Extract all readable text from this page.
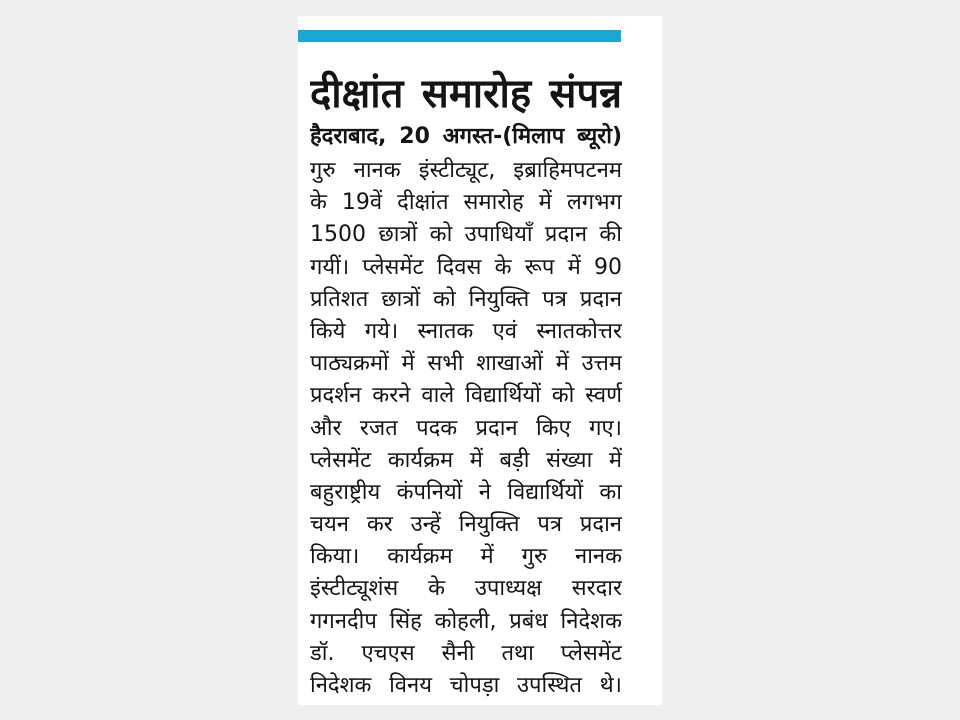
दीक्षांत समारोह संपन्न
हैदराबाद, 20 अगस्त-(मिलाप ब्यूरो)
गुरु नानक इंस्टीट्यूट, इब्राहिमपटनम
के 19वें दीक्षांत समारोह में लगभग
1500 छात्रों को उपाधियाँ प्रदान की
गयीं। प्लेसमेंट दिवस के रूप में 90
प्रतिशत छात्रों को नियुक्ति पत्र प्रदान
किये गये। स्नातक एवं स्नातकोत्तर
पाठ्यक्रमों में सभी शाखाओं में उत्तम
प्रदर्शन करने वाले विद्यार्थियों को स्वर्ण
और रजत पदक प्रदान किए गए।
प्लेसमेंट कार्यक्रम में बड़ी संख्या में
बहुराष्ट्रीय कंपनियों ने विद्यार्थियों का
चयन कर उन्हें नियुक्ति पत्र प्रदान
किया। कार्यक्रम में गुरु नानक
इंस्टीट्यूशंस के उपाध्यक्ष सरदार
गगनदीप सिंह कोहली, प्रबंध निदेशक
डॉ. एचएस सैनी तथा प्लेसमेंट
निदेशक विनय चोपड़ा उपस्थित थे।
